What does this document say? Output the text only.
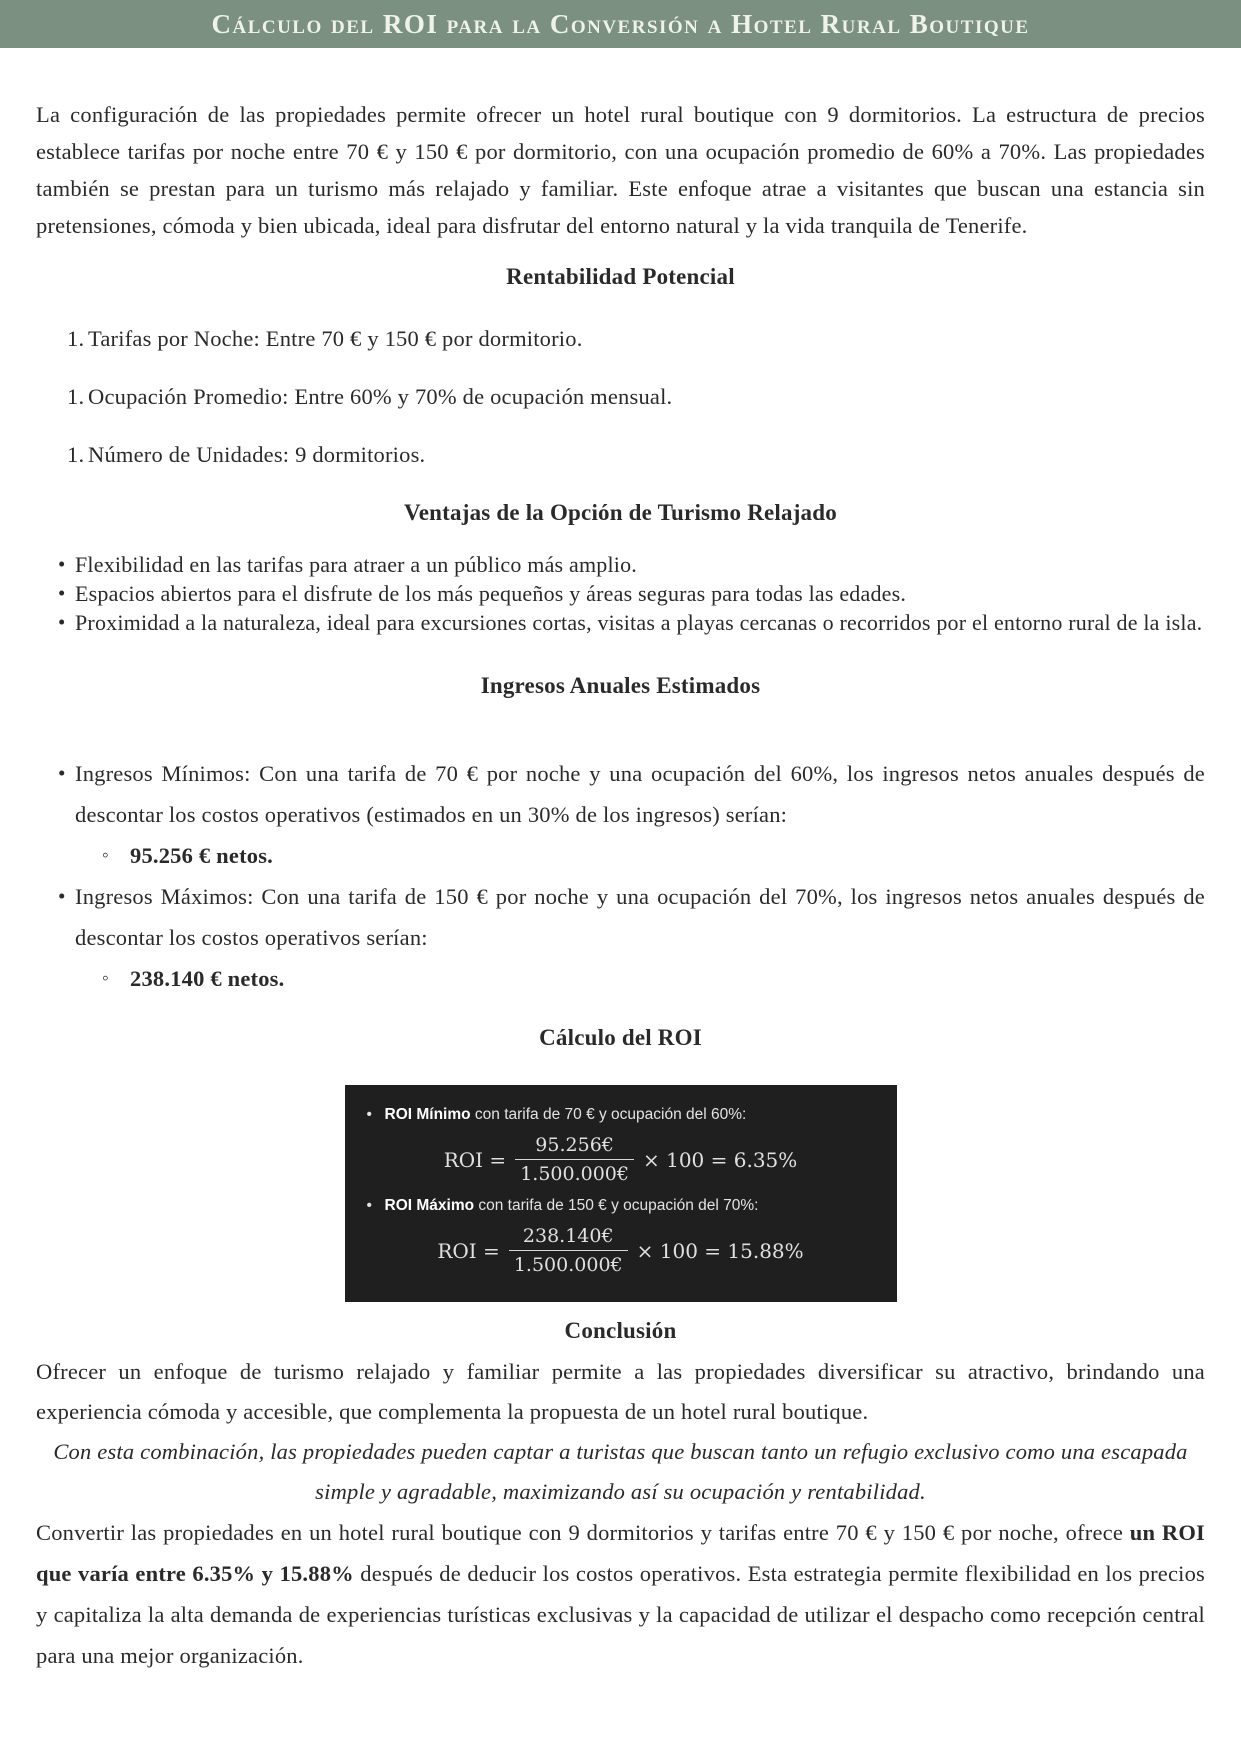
Cálculo del ROI para la Conversión a Hotel Rural Boutique

La configuración de las propiedades permite ofrecer un hotel rural boutique con 9 dormitorios. La estructura de precios establece tarifas por noche entre 70 € y 150 € por dormitorio, con una ocupación promedio de 60% a 70%. Las propiedades también se prestan para un turismo más relajado y familiar. Este enfoque atrae a visitantes que buscan una estancia sin pretensiones, cómoda y bien ubicada, ideal para disfrutar del entorno natural y la vida tranquila de Tenerife.

Rentabilidad Potencial
1. Tarifas por Noche: Entre 70 € y 150 € por dormitorio.
1. Ocupación Promedio: Entre 60% y 70% de ocupación mensual.
1. Número de Unidades: 9 dormitorios.
Ventajas de la Opción de Turismo Relajado
• Flexibilidad en las tarifas para atraer a un público más amplio.
• Espacios abiertos para el disfrute de los más pequeños y áreas seguras para todas las edades.
• Proximidad a la naturaleza, ideal para excursiones cortas, visitas a playas cercanas o recorridos por el entorno rural de la isla.
Ingresos Anuales Estimados
• Ingresos Mínimos: Con una tarifa de 70 € por noche y una ocupación del 60%, los ingresos netos anuales después de descontar los costos operativos (estimados en un 30% de los ingresos) serían:
◦ 95.256 € netos.
• Ingresos Máximos: Con una tarifa de 150 € por noche y una ocupación del 70%, los ingresos netos anuales después de descontar los costos operativos serían:
◦ 238.140 € netos.
Cálculo del ROI
• ROI Mínimo con tarifa de 70 € y ocupación del 60%:
ROI = $\frac{95.256€}{1.500.000€} \times 100 = 6.35\%$
• ROI Máximo con tarifa de 150 € y ocupación del 70%:
ROI = $\frac{238.140€}{1.500.000€} \times 100 = 15.88\%$
Conclusión

Ofrecer un enfoque de turismo relajado y familiar permite a las propiedades diversificar su atractivo, brindando una experiencia cómoda y accesible, que complementa la propuesta de un hotel rural boutique.

Con esta combinación, las propiedades pueden captar a turistas que buscan tanto un refugio exclusivo como una escapada simple y agradable, maximizando así su ocupación y rentabilidad.

Convertir las propiedades en un hotel rural boutique con 9 dormitorios y tarifas entre 70 € y 150 € por noche, ofrece un ROI que varía entre 6.35% y 15.88% después de deducir los costos operativos. Esta estrategia permite flexibilidad en los precios y capitaliza la alta demanda de experiencias turísticas exclusivas y la capacidad de utilizar el despacho como recepción central para una mejor organización.
